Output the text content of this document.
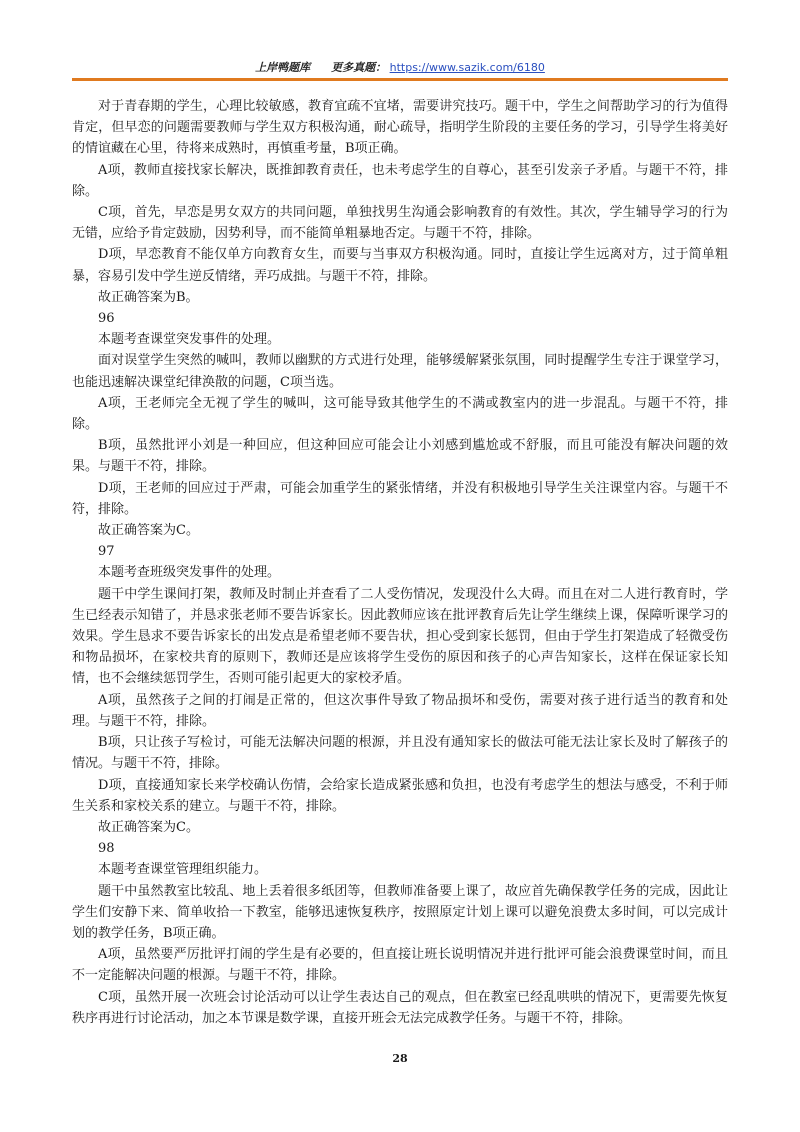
上岸鸭题库 更多真题： https://www.sazik.com/6180

对于青春期的学生，心理比较敏感，教育宜疏不宜堵，需要讲究技巧。题干中，学生之间帮助学习的行为值得肯定，但早恋的问题需要教师与学生双方积极沟通，耐心疏导，指明学生阶段的主要任务的学习，引导学生将美好的情谊藏在心里，待将来成熟时，再慎重考量，B项正确。

A项，教师直接找家长解决，既推卸教育责任，也未考虑学生的自尊心，甚至引发亲子矛盾。与题干不符，排除。

C项，首先，早恋是男女双方的共同问题，单独找男生沟通会影响教育的有效性。其次，学生辅导学习的行为无错，应给予肯定鼓励，因势利导，而不能简单粗暴地否定。与题干不符，排除。

D项，早恋教育不能仅单方向教育女生，而要与当事双方积极沟通。同时，直接让学生远离对方，过于简单粗暴，容易引发中学生逆反情绪，弄巧成拙。与题干不符，排除。

故正确答案为B。

96

本题考查课堂突发事件的处理。

面对误堂学生突然的喊叫，教师以幽默的方式进行处理，能够缓解紧张氛围，同时提醒学生专注于课堂学习，也能迅速解决课堂纪律涣散的问题，C项当选。

A项，王老师完全无视了学生的喊叫，这可能导致其他学生的不满或教室内的进一步混乱。与题干不符，排除。

B项，虽然批评小刘是一种回应，但这种回应可能会让小刘感到尴尬或不舒服，而且可能没有解决问题的效果。与题干不符，排除。

D项，王老师的回应过于严肃，可能会加重学生的紧张情绪，并没有积极地引导学生关注课堂内容。与题干不符，排除。

故正确答案为C。

97

本题考查班级突发事件的处理。

题干中学生课间打架，教师及时制止并查看了二人受伤情况，发现没什么大碍。而且在对二人进行教育时，学生已经表示知错了，并恳求张老师不要告诉家长。因此教师应该在批评教育后先让学生继续上课，保障听课学习的效果。学生恳求不要告诉家长的出发点是希望老师不要告状，担心受到家长惩罚，但由于学生打架造成了轻微受伤和物品损坏，在家校共育的原则下，教师还是应该将学生受伤的原因和孩子的心声告知家长，这样在保证家长知情，也不会继续惩罚学生，否则可能引起更大的家校矛盾。

A项，虽然孩子之间的打闹是正常的，但这次事件导致了物品损坏和受伤，需要对孩子进行适当的教育和处理。与题干不符，排除。

B项，只让孩子写检讨，可能无法解决问题的根源，并且没有通知家长的做法可能无法让家长及时了解孩子的情况。与题干不符，排除。

D项，直接通知家长来学校确认伤情，会给家长造成紧张感和负担，也没有考虑学生的想法与感受，不利于师生关系和家校关系的建立。与题干不符，排除。

故正确答案为C。

98

本题考查课堂管理组织能力。

题干中虽然教室比较乱、地上丢着很多纸团等，但教师准备要上课了，故应首先确保教学任务的完成，因此让学生们安静下来、简单收拾一下教室，能够迅速恢复秩序，按照原定计划上课可以避免浪费太多时间，可以完成计划的教学任务，B项正确。

A项，虽然要严厉批评打闹的学生是有必要的，但直接让班长说明情况并进行批评可能会浪费课堂时间，而且不一定能解决问题的根源。与题干不符，排除。

C项，虽然开展一次班会讨论活动可以让学生表达自己的观点，但在教室已经乱哄哄的情况下，更需要先恢复秩序再进行讨论活动，加之本节课是数学课，直接开班会无法完成教学任务。与题干不符，排除。

28
